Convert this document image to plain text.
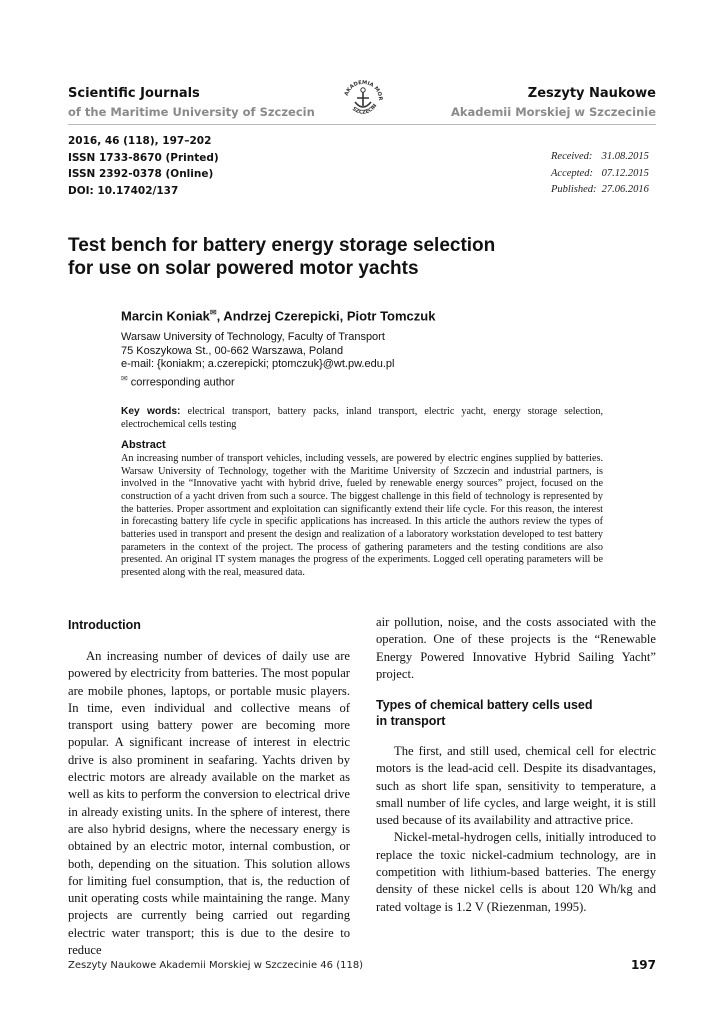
Scientific Journals
of the Maritime University of Szczecin
AKADEMIA MOR
SZCZECIN
Zeszyty Naukowe
Akademii Morskiej w Szczecinie
2016, 46 (118), 197–202
ISSN 1733-8670 (Printed)
ISSN 2392-0378 (Online)
DOI: 10.17402/137
Received: 31.08.2015
Accepted: 07.12.2015
Published: 27.06.2016
Test bench for battery energy storage selection
for use on solar powered motor yachts
Marcin Koniak✉, Andrzej Czerepicki, Piotr Tomczuk
Warsaw University of Technology, Faculty of Transport
75 Koszykowa St., 00-662 Warszawa, Poland
e-mail: {koniakm; a.czerepicki; ptomczuk}@wt.pw.edu.pl
✉ corresponding author
Key words: electrical transport, battery packs, inland transport, electric yacht, energy storage selection, electrochemical cells testing
Abstract
An increasing number of transport vehicles, including vessels, are powered by electric engines supplied by batteries. Warsaw University of Technology, together with the Maritime University of Szczecin and industrial partners, is involved in the “Innovative yacht with hybrid drive, fueled by renewable energy sources” project, focused on the construction of a yacht driven from such a source. The biggest challenge in this field of technology is represented by the batteries. Proper assortment and exploitation can significantly extend their life cycle. For this reason, the interest in forecasting battery life cycle in specific applications has increased. In this article the authors review the types of batteries used in transport and present the design and realization of a laboratory workstation developed to test battery parameters in the context of the project. The process of gathering parameters and the testing conditions are also presented. An original IT system manages the progress of the experiments. Logged cell operating parameters will be presented along with the real, measured data.
Introduction

An increasing number of devices of daily use are powered by electricity from batteries. The most popular are mobile phones, laptops, or portable music players. In time, even individual and collective means of transport using battery power are becoming more popular. A significant increase of interest in electric drive is also prominent in seafaring. Yachts driven by electric motors are already available on the market as well as kits to perform the conversion to electrical drive in already existing units. In the sphere of interest, there are also hybrid designs, where the necessary energy is obtained by an electric motor, internal combustion, or both, depending on the situation. This solution allows for limiting fuel consumption, that is, the reduction of unit operating costs while maintaining the range. Many projects are currently being carried out regarding electric water transport; this is due to the desire to reduce

air pollution, noise, and the costs associated with the operation. One of these projects is the “Renewable Energy Powered Innovative Hybrid Sailing Yacht” project.

Types of chemical battery cells used
in transport

The first, and still used, chemical cell for electric motors is the lead-acid cell. Despite its disadvantages, such as short life span, sensitivity to temperature, a small number of life cycles, and large weight, it is still used because of its availability and attractive price.

Nickel-metal-hydrogen cells, initially introduced to replace the toxic nickel-cadmium technology, are in competition with lithium-based batteries. The energy density of these nickel cells is about 120 Wh/kg and rated voltage is 1.2 V (Riezenman, 1995).

Zeszyty Naukowe Akademii Morskiej w Szczecinie 46 (118)	197
